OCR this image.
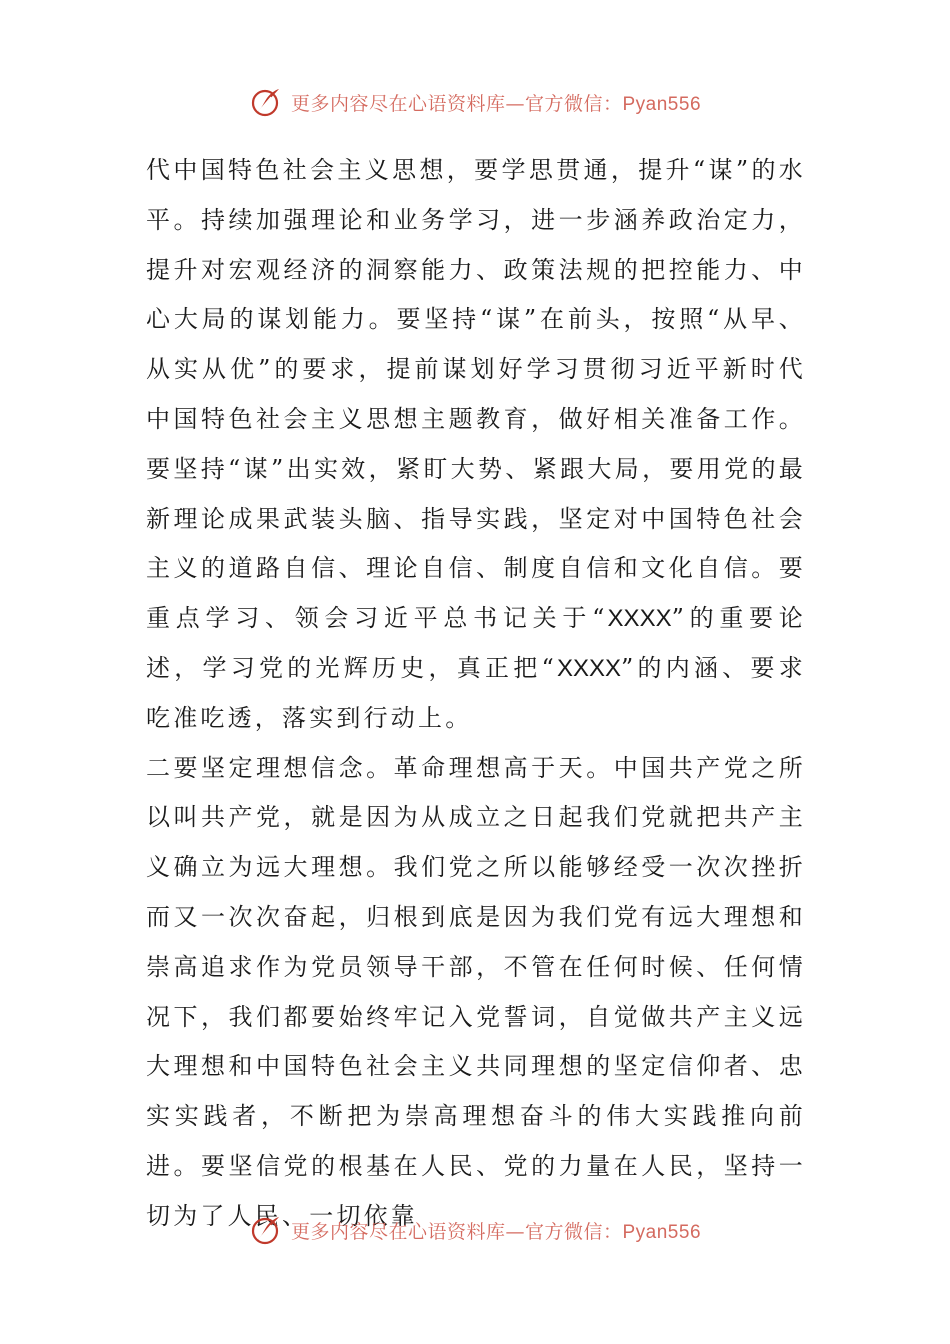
更多内容尽在心语资料库—官方微信：Pyan556

代中国特色社会主义思想，要学思贯通，提升“谋”的水平。持续加强理论和业务学习，进一步涵养政治定力，提升对宏观经济的洞察能力、政策法规的把控能力、中心大局的谋划能力。要坚持“谋”在前头，按照“从早、从实从优”的要求，提前谋划好学习贯彻习近平新时代中国特色社会主义思想主题教育，做好相关准备工作。要坚持“谋”出实效，紧盯大势、紧跟大局，要用党的最新理论成果武装头脑、指导实践，坚定对中国特色社会主义的道路自信、理论自信、制度自信和文化自信。要重点学习、领会习近平总书记关于“XXXX”的重要论述，学习党的光辉历史，真正把“XXXX”的内涵、要求吃准吃透，落实到行动上。

二要坚定理想信念。革命理想高于天。中国共产党之所以叫共产党，就是因为从成立之日起我们党就把共产主义确立为远大理想。我们党之所以能够经受一次次挫折而又一次次奋起，归根到底是因为我们党有远大理想和崇高追求作为党员领导干部，不管在任何时候、任何情况下，我们都要始终牢记入党誓词，自觉做共产主义远大理想和中国特色社会主义共同理想的坚定信仰者、忠实实践者，不断把为崇高理想奋斗的伟大实践推向前进。要坚信党的根基在人民、党的力量在人民，坚持一切为了人民、一切依靠

更多内容尽在心语资料库—官方微信：Pyan556
